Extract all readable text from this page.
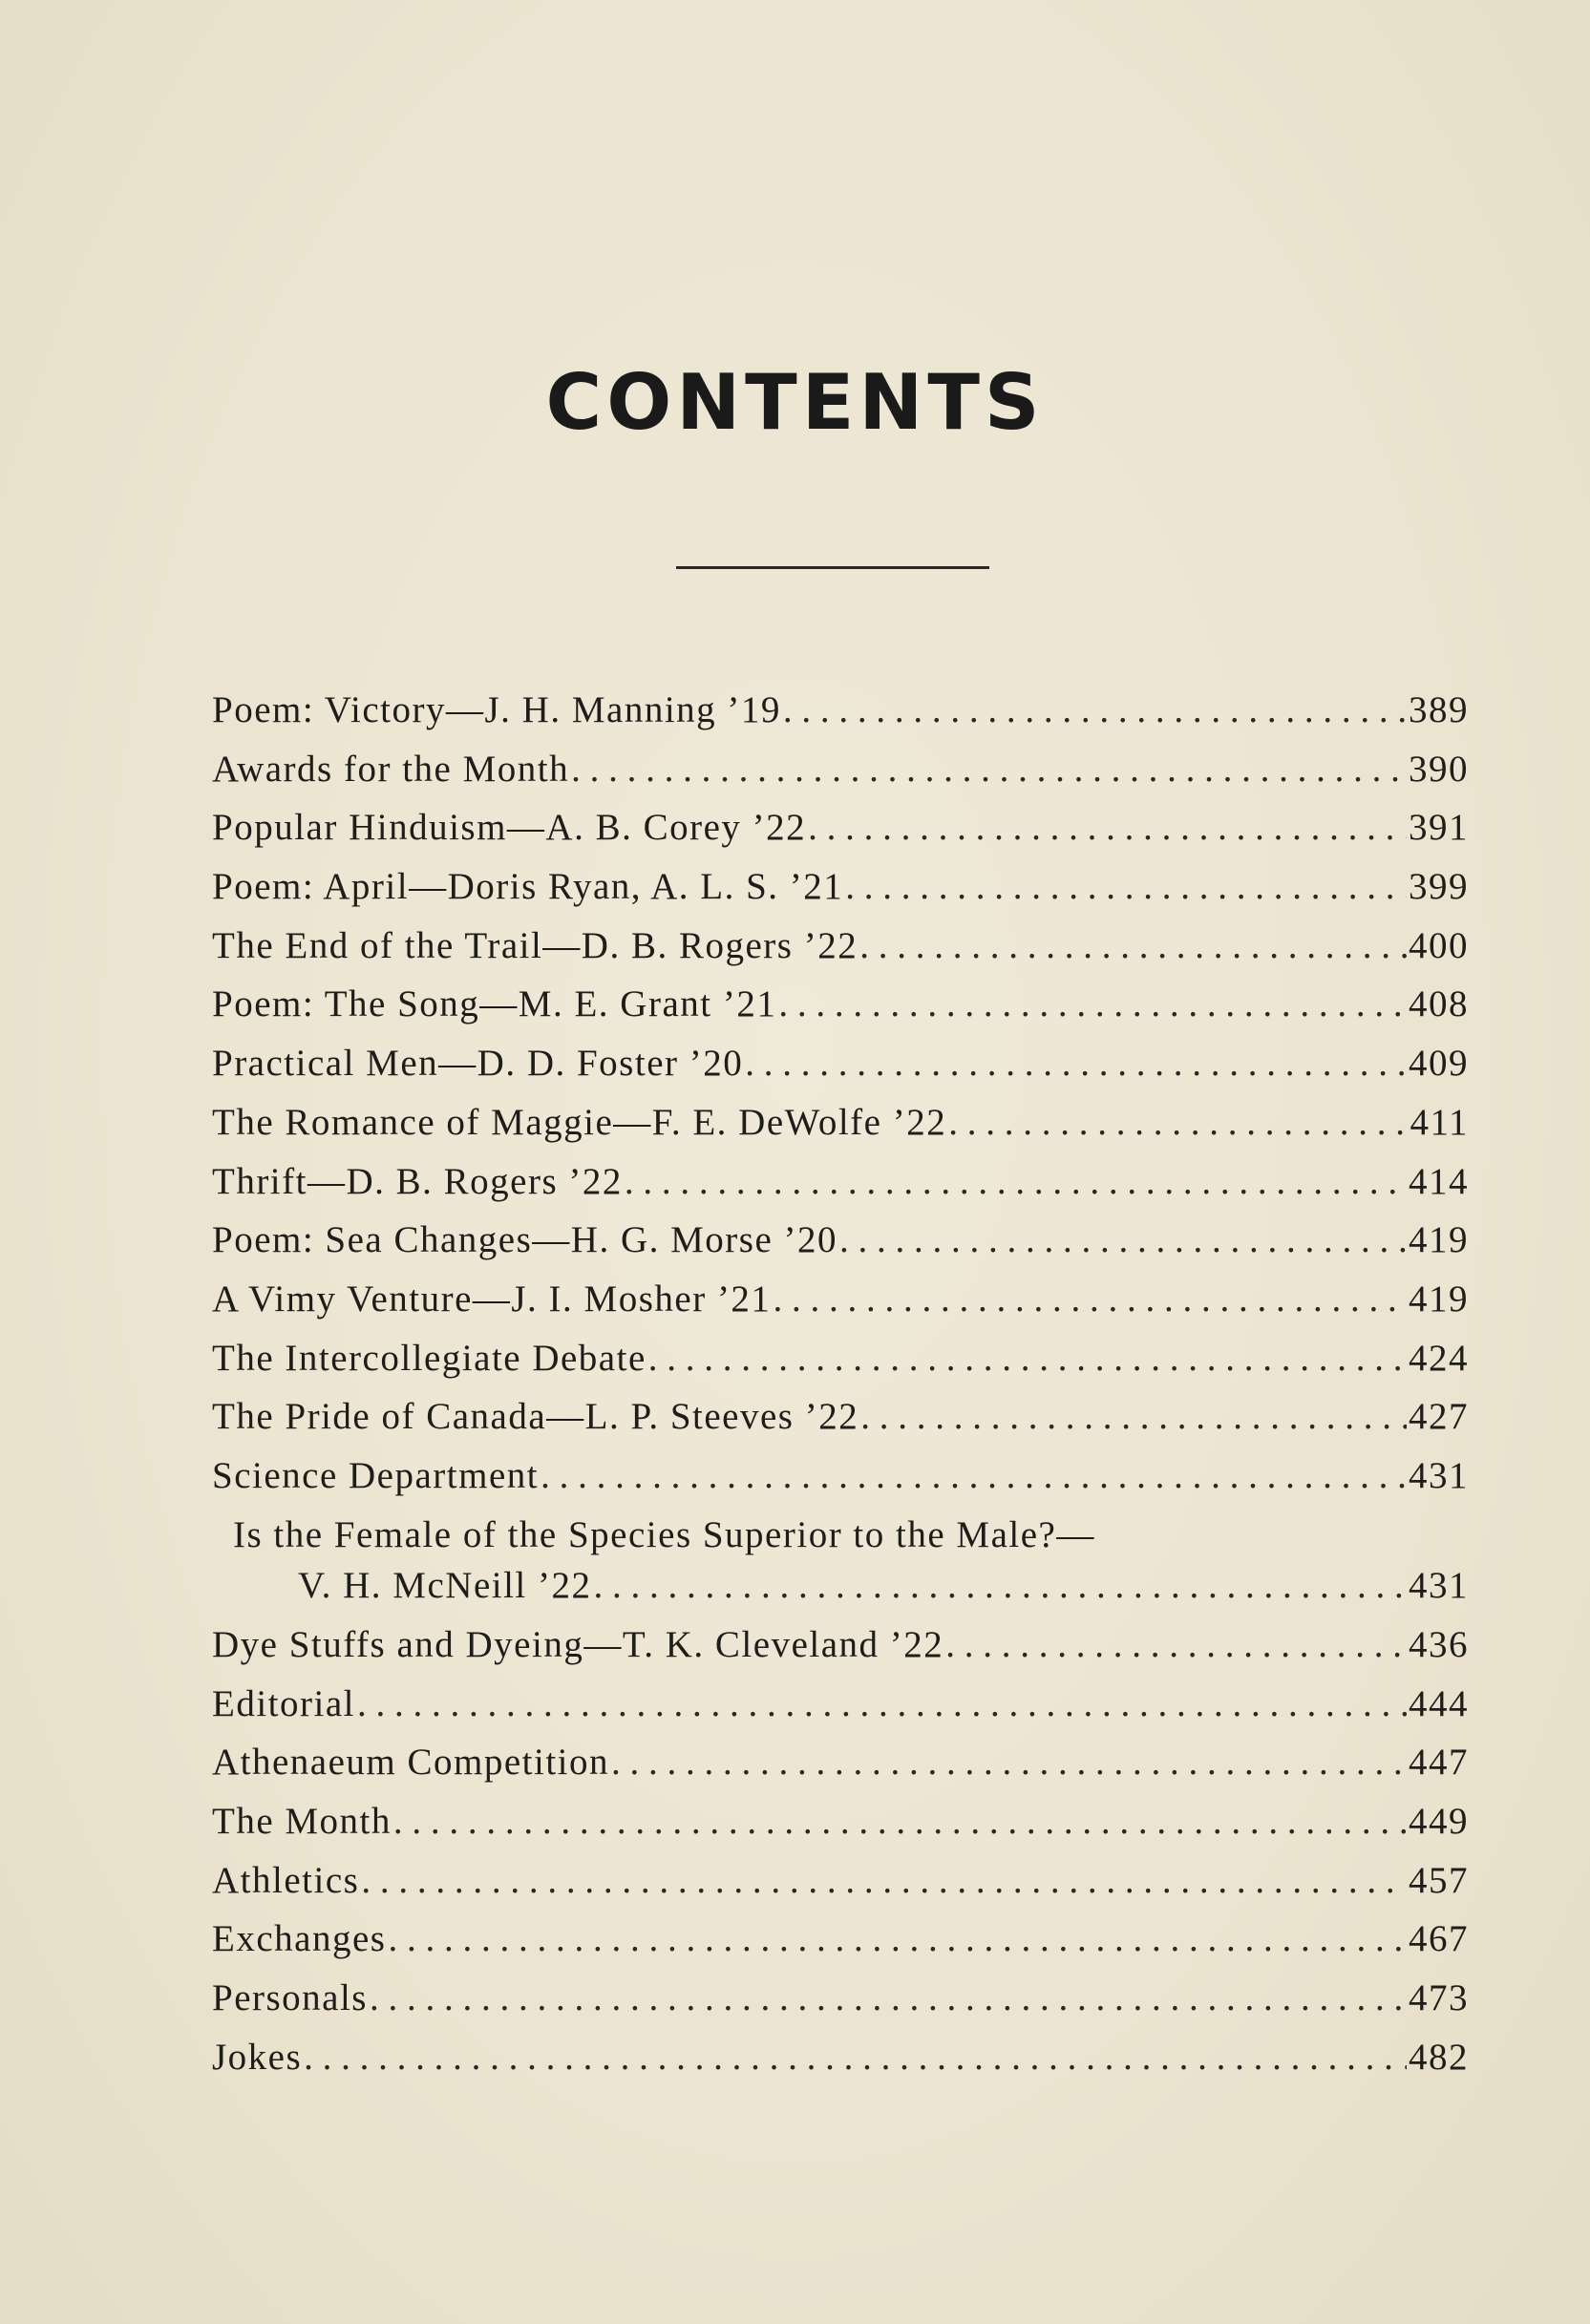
CONTENTS
Poem: Victory—J. H. Manning ’19 . . .	389
Awards for the Month . . .	390
Popular Hinduism—A. B. Corey ’22 . . .	391
Poem: April—Doris Ryan, A. L. S. ’21 . . .	399
The End of the Trail—D. B. Rogers ’22 . . .	400
Poem: The Song—M. E. Grant ’21 . . .	408
Practical Men—D. D. Foster ’20 . . .	409
The Romance of Maggie—F. E. DeWolfe ’22 . . .	411
Thrift—D. B. Rogers ’22 . . .	414
Poem: Sea Changes—H. G. Morse ’20 . . .	419
A Vimy Venture—J. I. Mosher ’21 . . .	419
The Intercollegiate Debate . . .	424
The Pride of Canada—L. P. Steeves ’22 . . .	427
Science Department . . .	431
Is the Female of the Species Superior to the Male?—
V. H. McNeill ’22 . . .	431
Dye Stuffs and Dyeing—T. K. Cleveland ’22 . . .	436
Editorial . . .	444
Athenaeum Competition . . .	447
The Month . . .	449
Athletics . . .	457
Exchanges . . .	467
Personals . . .	473
Jokes . . .	482
